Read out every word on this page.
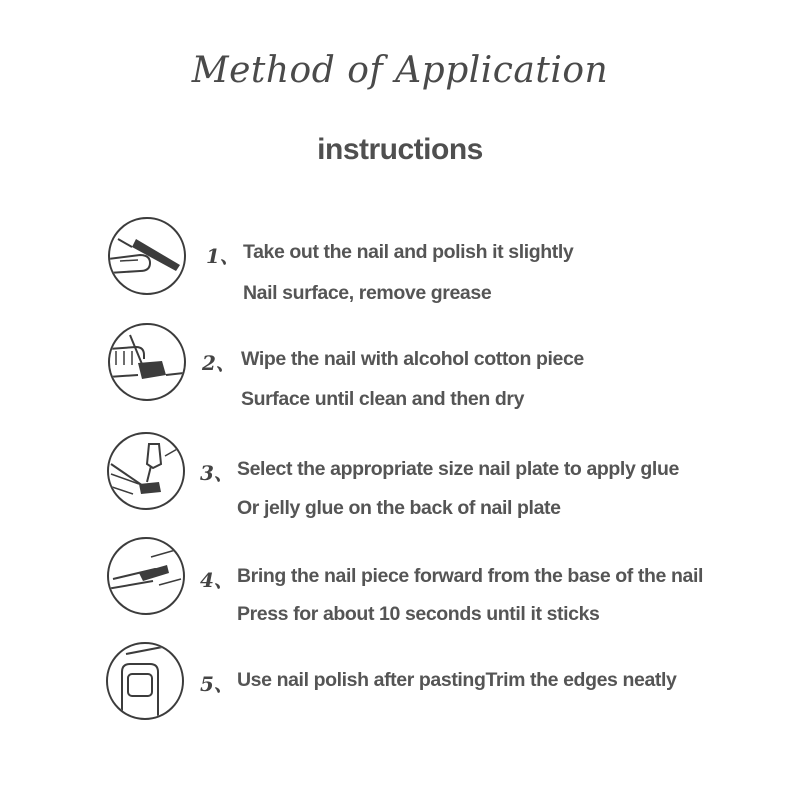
Method of Application
instructions
1、 Take out the nail and polish it slightly
Nail surface, remove grease
2、 Wipe the nail with alcohol cotton piece
Surface until clean and then dry
3、 Select the appropriate size nail plate to apply glue
Or jelly glue on the back of nail plate
4、 Bring the nail piece forward from the base of the nail
Press for about 10 seconds until it sticks
5、 Use nail polish after pastingTrim the edges neatly
